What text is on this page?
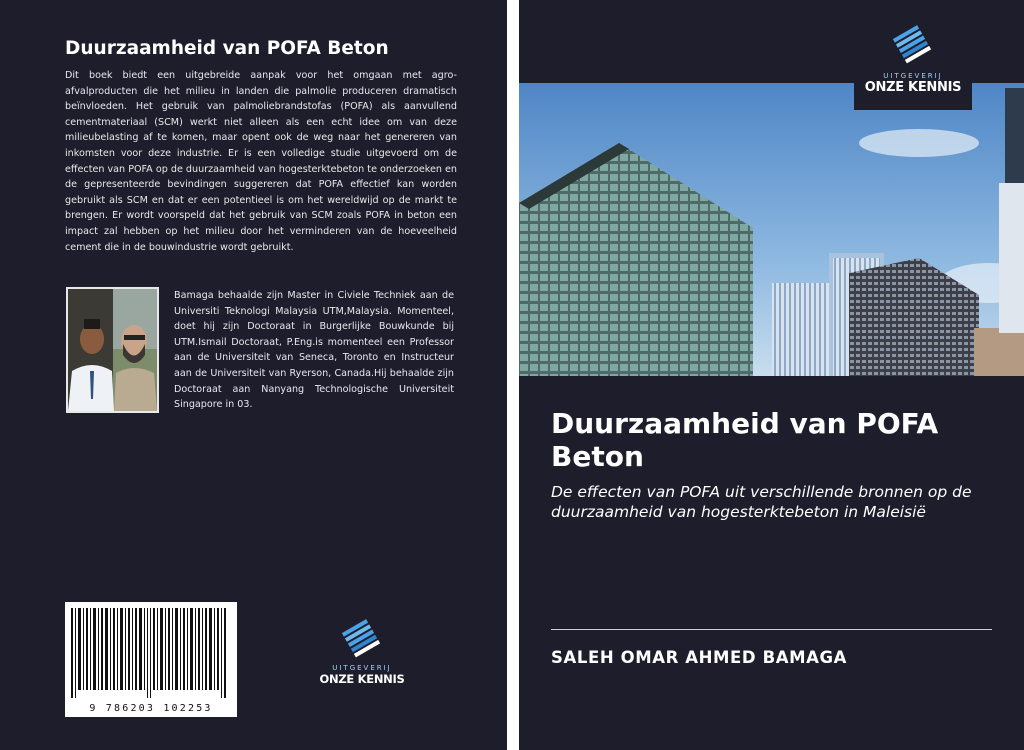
Duurzaamheid van POFA Beton
Dit boek biedt een uitgebreide aanpak voor het omgaan met agro-afvalproducten die het milieu in landen die palmolie produceren dramatisch beïnvloeden. Het gebruik van palmoliebrandstofas (POFA) als aanvullend cementmateriaal (SCM) werkt niet alleen als een echt idee om van deze milieubelasting af te komen, maar opent ook de weg naar het genereren van inkomsten voor deze industrie. Er is een volledige studie uitgevoerd om de effecten van POFA op de duurzaamheid van hogesterktebeton te onderzoeken en de gepresenteerde bevindingen suggereren dat POFA effectief kan worden gebruikt als SCM en dat er een potentieel is om het wereldwijd op de markt te brengen. Er wordt voorspeld dat het gebruik van SCM zoals POFA in beton een impact zal hebben op het milieu door het verminderen van de hoeveelheid cement die in de bouwindustrie wordt gebruikt.
Bamaga behaalde zijn Master in Civiele Techniek aan de Universiti Teknologi Malaysia UTM,Malaysia. Momenteel, doet hij zijn Doctoraat in Burgerlijke Bouwkunde bij UTM.Ismail Doctoraat, P.Eng.is momenteel een Professor aan de Universiteit van Seneca, Toronto en Instructeur aan de Universiteit van Ryerson, Canada.Hij behaalde zijn Doctoraat aan Nanyang Technologische Universiteit Singapore in 03.
9 786203 102253
UITGEVERIJ
ONZE KENNIS
UITGEVERIJ
ONZE KENNIS
Duurzaamheid van POFA Beton
De effecten van POFA uit verschillende bronnen op de duurzaamheid van hogesterktebeton in Maleisië
SALEH OMAR AHMED BAMAGA
